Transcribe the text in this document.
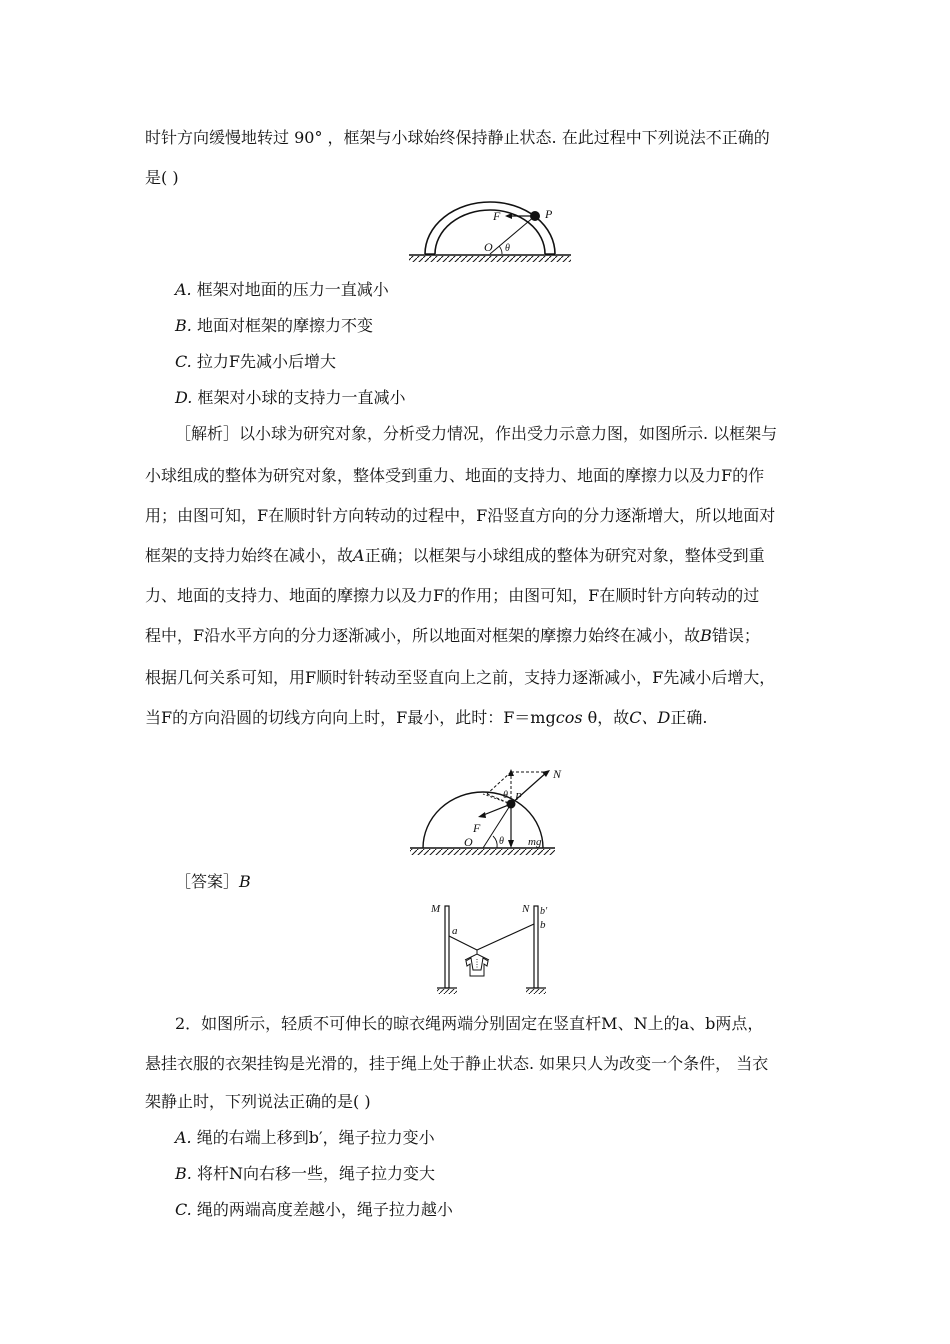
时针方向缓慢地转过 90° ，框架与小球始终保持静止状态. 在此过程中下列说法不正确的
是( )
F	P
O θ
A. 框架对地面的压力一直减小
B. 地面对框架的摩擦力不变
C. 拉力F先减小后增大
D. 框架对小球的支持力一直减小
［解析］以小球为研究对象，分析受力情况，作出受力示意力图，如图所示. 以框架与
小球组成的整体为研究对象，整体受到重力、地面的支持力、地面的摩擦力以及力F的作
用；由图可知，F在顺时针方向转动的过程中，F沿竖直方向的分力逐渐增大，所以地面对
框架的支持力始终在减小，故A正确；以框架与小球组成的整体为研究对象，整体受到重
力、地面的支持力、地面的摩擦力以及力F的作用；由图可知，F在顺时针方向转动的过
程中，F沿水平方向的分力逐渐减小，所以地面对框架的摩擦力始终在减小，故B错误；
根据几何关系可知，用F顺时针转动至竖直向上之前，支持力逐渐减小，F先减小后增大，
当F的方向沿圆的切线方向向上时，F最小，此时：F＝mgcos θ，故C、D正确.
N
P
θ
F
O	θ mg
［答案］B
M	N
a
b′
b
2．如图所示，轻质不可伸长的晾衣绳两端分别固定在竖直杆M、N上的a、b两点，
悬挂衣服的衣架挂钩是光滑的，挂于绳上处于静止状态. 如果只人为改变一个条件， 当衣
架静止时，下列说法正确的是( )
A. 绳的右端上移到b′，绳子拉力变小
B. 将杆N向右移一些，绳子拉力变大
C. 绳的两端高度差越小，绳子拉力越小
